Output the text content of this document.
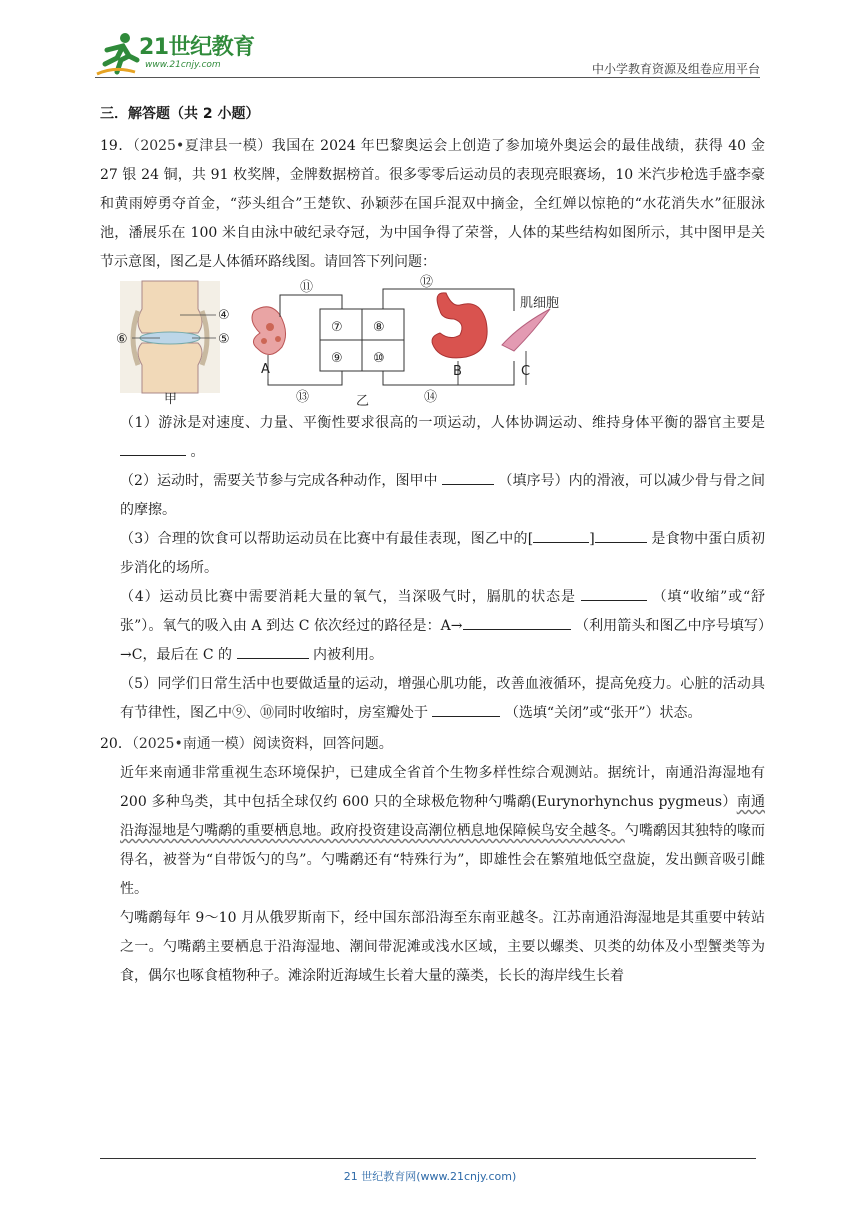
21世纪教育
www.21cnjy.com	中小学教育资源及组卷应用平台

三．解答题（共 2 小题）

19．（2025•夏津县一模）我国在 2024 年巴黎奥运会上创造了参加境外奥运会的最佳战绩，获得 40 金 27 银 24 铜，共 91 枚奖牌，金牌数据榜首。很多零零后运动员的表现亮眼赛场，10 米汽步枪选手盛李豪和黄雨婷勇夺首金，“莎头组合”王楚钦、孙颖莎在国乒混双中摘金，全红婵以惊艳的“水花消失水”征服泳池，潘展乐在 100 米自由泳中破纪录夺冠，为中国争得了荣誉，人体的某些结构如图所示，其中图甲是关节示意图，图乙是人体循环路线图。请回答下列问题：

④
⑤
⑥
甲
A
⑦ ⑧
⑨ ⑩
⑪	⑫
⑬	⑭
乙
B
肌细胞
C

（1）游泳是对速度、力量、平衡性要求很高的一项运动，人体协调运动、维持身体平衡的器官主要是  。

（2）运动时，需要关节参与完成各种动作，图甲中	（填序号）内的滑液，可以减少骨与骨之间的摩擦。

（3）合理的饮食可以帮助运动员在比赛中有最佳表现，图乙中的[	]	是食物中蛋白质初步消化的场所。

（4）运动员比赛中需要消耗大量的氧气，当深吸气时，膈肌的状态是	（填“收缩”或“舒张”）。氧气的吸入由 A 到达 C 依次经过的路径是：A→	（利用箭头和图乙中序号填写）→C，最后在 C 的	内被利用。

（5）同学们日常生活中也要做适量的运动，增强心肌功能，改善血液循环，提高免疫力。心脏的活动具有节律性，图乙中⑨、⑩同时收缩时，房室瓣处于	（选填“关闭”或“张开”）状态。

20．（2025•南通一模）阅读资料，回答问题。

近年来南通非常重视生态环境保护，已建成全省首个生物多样性综合观测站。据统计，南通沿海湿地有 200 多种鸟类，其中包括全球仅约 600 只的全球极危物种勺嘴鹬(Eurynorhynchus pygmeus）南通沿海湿地是勺嘴鹬的重要栖息地。政府投资建设高潮位栖息地保障候鸟安全越冬。勺嘴鹬因其独特的喙而得名，被誉为“自带饭勺的鸟”。勺嘴鹬还有“特殊行为”，即雄性会在繁殖地低空盘旋，发出颤音吸引雌性。

勺嘴鹬每年 9～10 月从俄罗斯南下，经中国东部沿海至东南亚越冬。江苏南通沿海湿地是其重要中转站之一。勺嘴鹬主要栖息于沿海湿地、潮间带泥滩或浅水区域，主要以螺类、贝类的幼体及小型蟹类等为食，偶尔也啄食植物种子。滩涂附近海域生长着大量的藻类，长长的海岸线生长着

21 世纪教育网(www.21cnjy.com)
